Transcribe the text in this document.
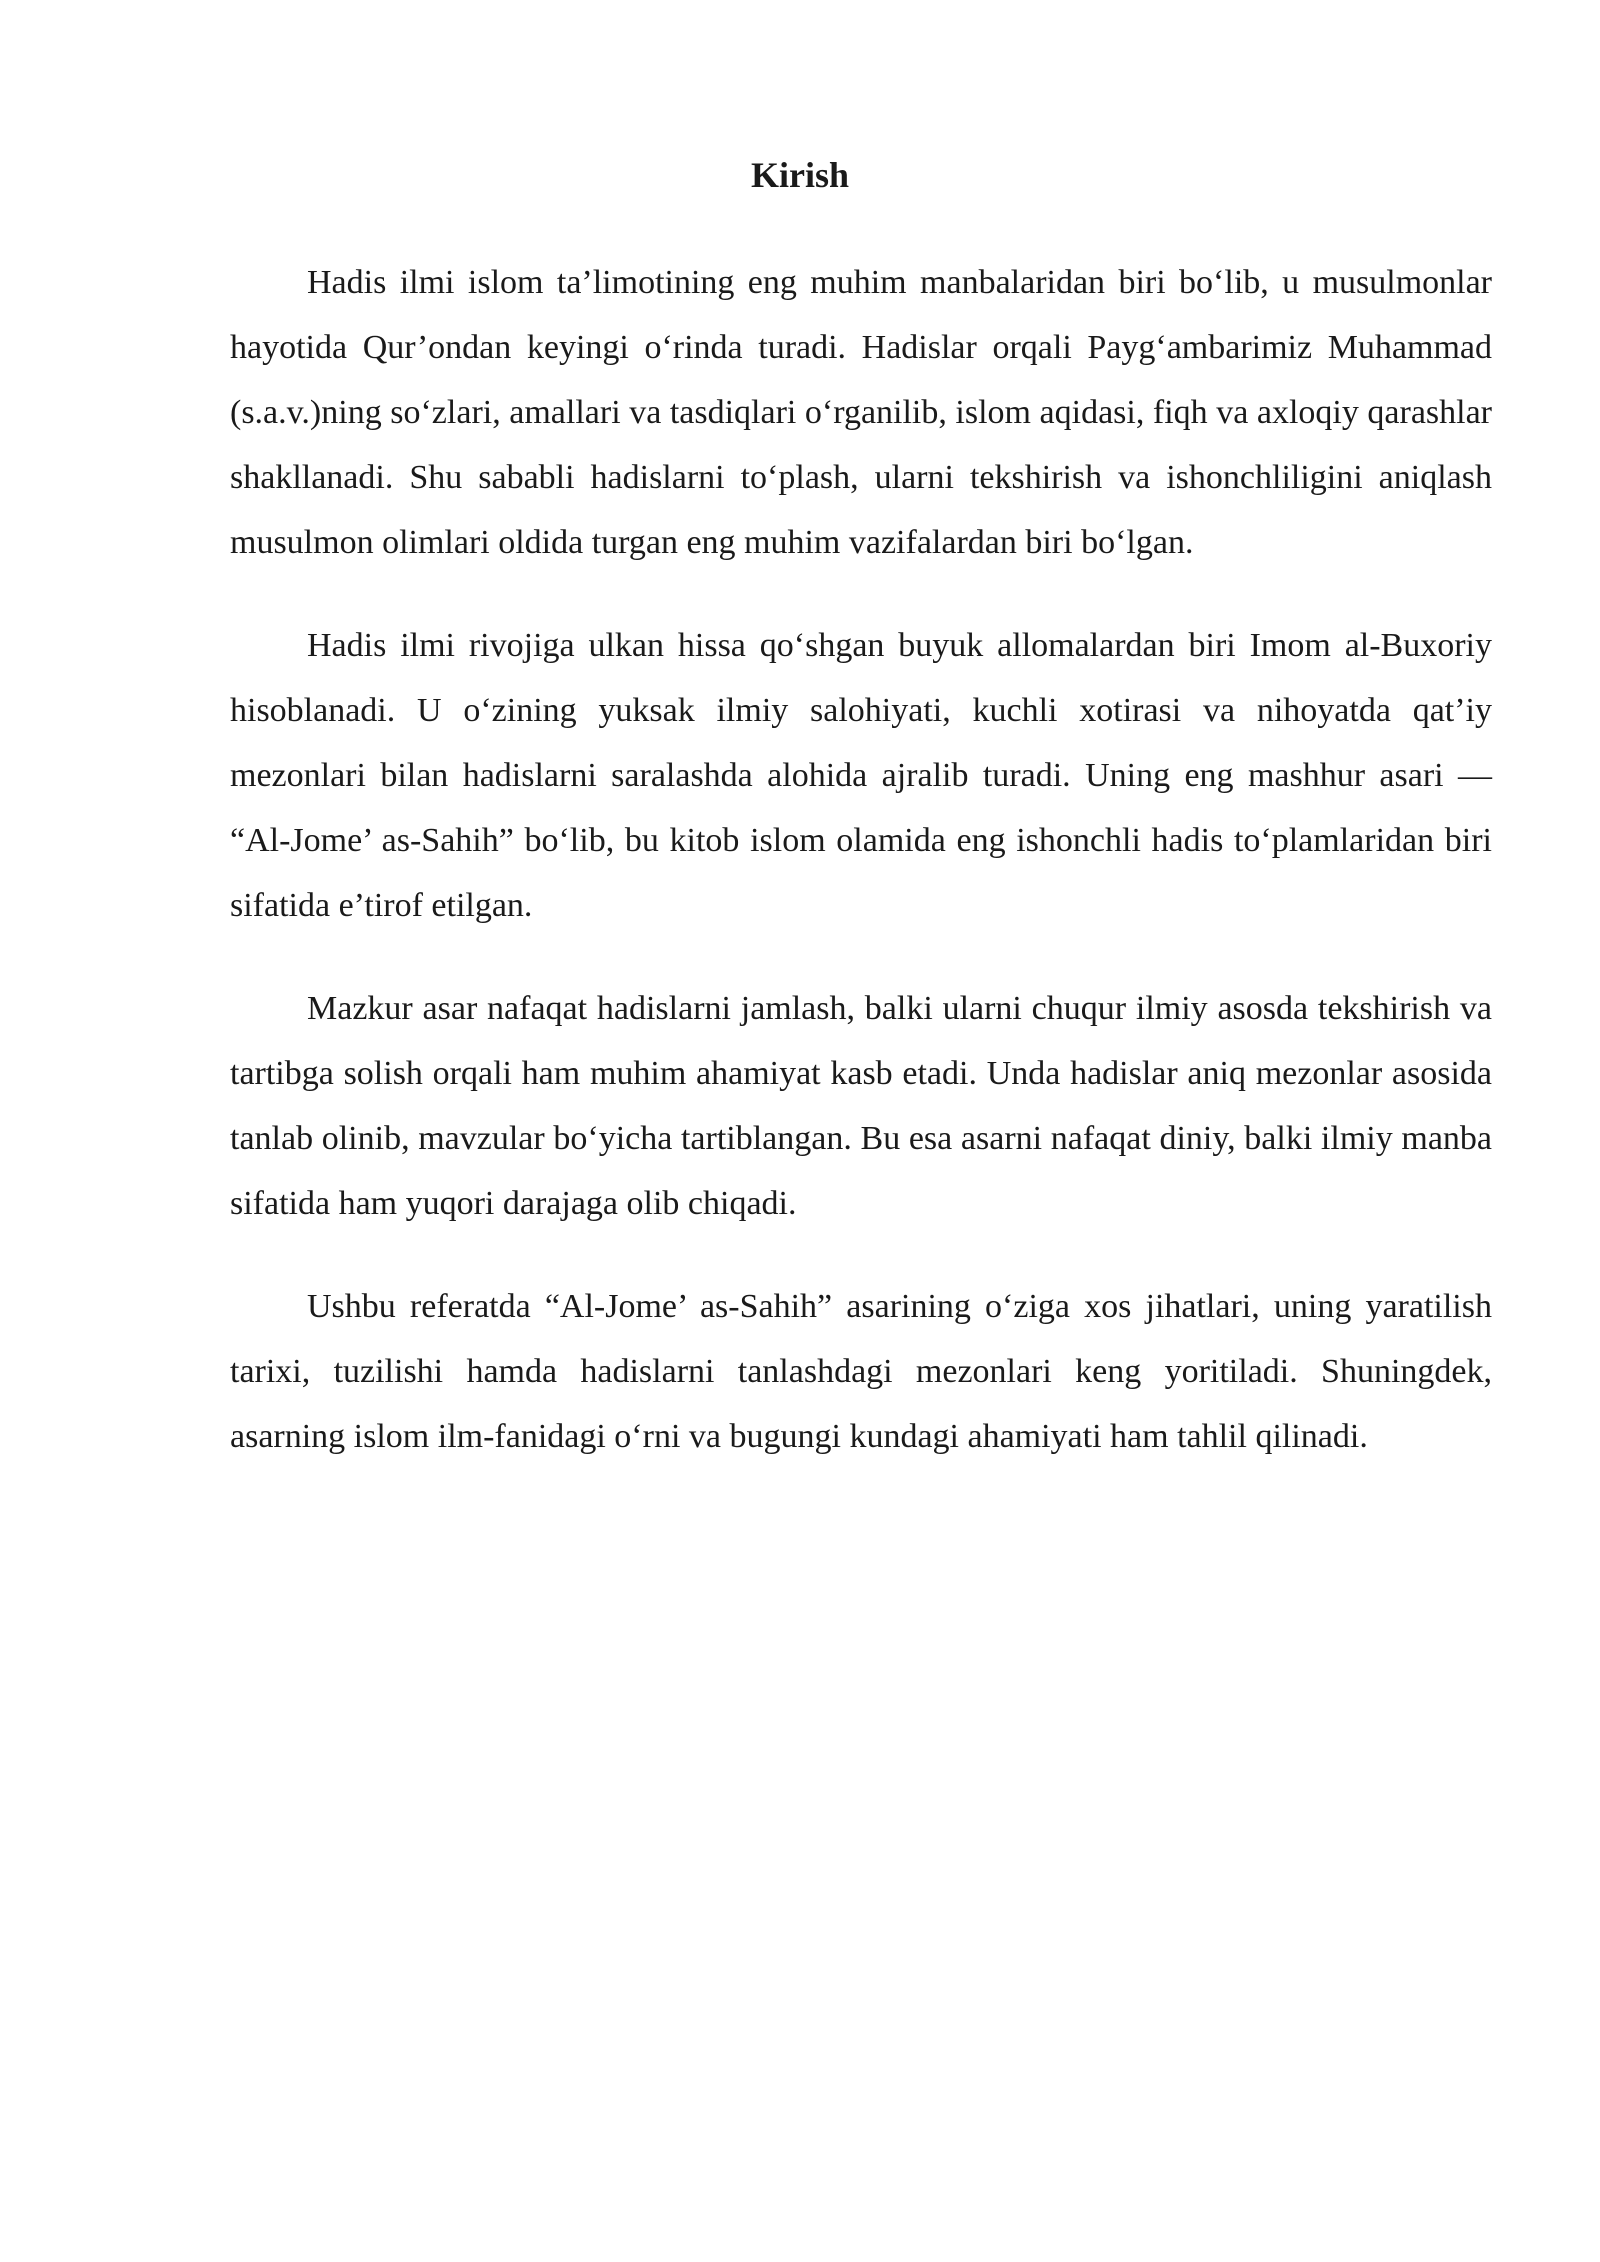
Kirish

Hadis ilmi islom ta’limotining eng muhim manbalaridan biri bo‘lib, u musulmonlar hayotida Qur’ondan keyingi o‘rinda turadi. Hadislar orqali Payg‘ambarimiz Muhammad (s.a.v.)ning so‘zlari, amallari va tasdiqlari o‘rganilib, islom aqidasi, fiqh va axloqiy qarashlar shakllanadi. Shu sababli hadislarni to‘plash, ularni tekshirish va ishonchliligini aniqlash musulmon olimlari oldida turgan eng muhim vazifalardan biri bo‘lgan.

Hadis ilmi rivojiga ulkan hissa qo‘shgan buyuk allomalardan biri Imom al-Buxoriy hisoblanadi. U o‘zining yuksak ilmiy salohiyati, kuchli xotirasi va nihoyatda qat’iy mezonlari bilan hadislarni saralashda alohida ajralib turadi. Uning eng mashhur asari — “Al-Jome’ as-Sahih” bo‘lib, bu kitob islom olamida eng ishonchli hadis to‘plamlaridan biri sifatida e’tirof etilgan.

Mazkur asar nafaqat hadislarni jamlash, balki ularni chuqur ilmiy asosda tekshirish va tartibga solish orqali ham muhim ahamiyat kasb etadi. Unda hadislar aniq mezonlar asosida tanlab olinib, mavzular bo‘yicha tartiblangan. Bu esa asarni nafaqat diniy, balki ilmiy manba sifatida ham yuqori darajaga olib chiqadi.

Ushbu referatda “Al-Jome’ as-Sahih” asarining o‘ziga xos jihatlari, uning yaratilish tarixi, tuzilishi hamda hadislarni tanlashdagi mezonlari keng yoritiladi. Shuningdek, asarning islom ilm-fanidagi o‘rni va bugungi kundagi ahamiyati ham tahlil qilinadi.
